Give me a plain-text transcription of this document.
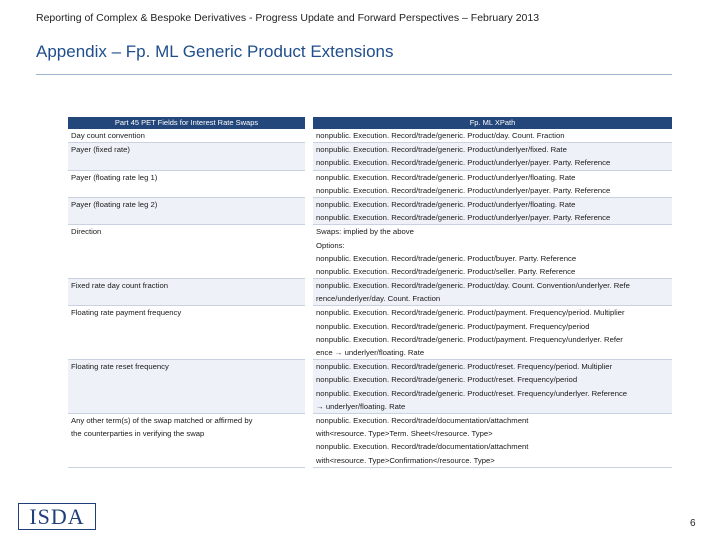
Reporting of Complex & Bespoke Derivatives - Progress Update and Forward Perspectives – February 2013
Appendix – Fp. ML Generic Product Extensions
Part 45 PET Fields for Interest Rate Swaps		Fp. ML XPath

Day count convention		nonpublic. Execution. Record/trade/generic. Product/day. Count. Fraction

Payer (fixed rate)		nonpublic. Execution. Record/trade/generic. Product/underlyer/fixed. Rate
nonpublic. Execution. Record/trade/generic. Product/underlyer/payer. Party. Reference

Payer (floating rate leg 1)		nonpublic. Execution. Record/trade/generic. Product/underlyer/floating. Rate
nonpublic. Execution. Record/trade/generic. Product/underlyer/payer. Party. Reference

Payer (floating rate leg 2)		nonpublic. Execution. Record/trade/generic. Product/underlyer/floating. Rate
nonpublic. Execution. Record/trade/generic. Product/underlyer/payer. Party. Reference

Direction		Swaps: implied by the above
Options:
nonpublic. Execution. Record/trade/generic. Product/buyer. Party. Reference
nonpublic. Execution. Record/trade/generic. Product/seller. Party. Reference

Fixed rate day count fraction		nonpublic. Execution. Record/trade/generic. Product/day. Count. Convention/underlyer. Refe
rence/underlyer/day. Count. Fraction

Floating rate payment frequency		nonpublic. Execution. Record/trade/generic. Product/payment. Frequency/period. Multiplier
nonpublic. Execution. Record/trade/generic. Product/payment. Frequency/period
nonpublic. Execution. Record/trade/generic. Product/payment. Frequency/underlyer. Refer
ence → underlyer/floating. Rate

Floating rate reset frequency		nonpublic. Execution. Record/trade/generic. Product/reset. Frequency/period. Multiplier
nonpublic. Execution. Record/trade/generic. Product/reset. Frequency/period
nonpublic. Execution. Record/trade/generic. Product/reset. Frequency/underlyer. Reference
→ underlyer/floating. Rate

Any other term(s) of the swap matched or affirmed by
the counterparties in verifying the swap		nonpublic. Execution. Record/trade/documentation/attachment
with<resource. Type>Term. Sheet</resource. Type>
nonpublic. Execution. Record/trade/documentation/attachment
with<resource. Type>Confirmation</resource. Type>
ISDA	6
